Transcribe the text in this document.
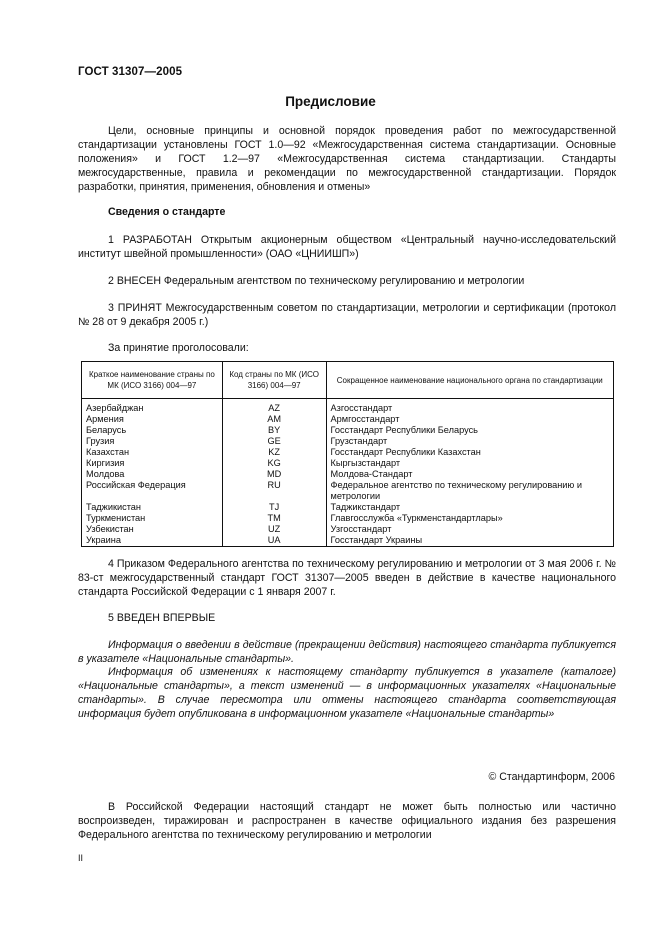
ГОСТ 31307—2005
Предисловие

Цели, основные принципы и основной порядок проведения работ по межгосударственной стандартизации установлены ГОСТ 1.0—92 «Межгосударственная система стандартизации. Основные положения» и ГОСТ 1.2—97 «Межгосударственная система стандартизации. Стандарты межгосударственные, правила и рекомендации по межгосударственной стандартизации. Порядок разработки, принятия, применения, обновления и отмены»

Сведения о стандарте

1 РАЗРАБОТАН Открытым акционерным обществом «Центральный научно-исследовательский институт швейной промышленности» (ОАО «ЦНИИШП»)

2 ВНЕСЕН Федеральным агентством по техническому регулированию и метрологии

3 ПРИНЯТ Межгосударственным советом по стандартизации, метрологии и сертификации (протокол № 28 от 9 декабря 2005 г.)

За принятие проголосовали:
Краткое наименование страны по МК (ИСО 3166) 004—97	Код страны по МК (ИСО 3166) 004—97	Сокращенное наименование национального органа по стандартизации

Азербайджан	AZ	Азгосстандарт
Армения	AM	Армгосстандарт
Беларусь	BY	Госстандарт Республики Беларусь
Грузия	GE	Грузстандарт
Казахстан	KZ	Госстандарт Республики Казахстан
Киргизия	KG	Кыргызстандарт
Молдова	MD	Молдова-Стандарт
Российская Федерация	RU	Федеральное агентство по техническому регулированию и метрологии
Таджикистан	TJ	Таджикстандарт
Туркменистан	TM	Главгосслужба «Туркменстандартлары»
Узбекистан	UZ	Узгосстандарт
Украина	UA	Госстандарт Украины

4 Приказом Федерального агентства по техническому регулированию и метрологии от 3 мая 2006 г. № 83-ст межгосударственный стандарт ГОСТ 31307—2005 введен в действие в качестве национального стандарта Российской Федерации с 1 января 2007 г.

5 ВВЕДЕН ВПЕРВЫЕ

Информация о введении в действие (прекращении действия) настоящего стандарта публикуется в указателе «Национальные стандарты».

Информация об изменениях к настоящему стандарту публикуется в указателе (каталоге) «Национальные стандарты», а текст изменений — в информационных указателях «Национальные стандарты». В случае пересмотра или отмены настоящего стандарта соответствующая информация будет опубликована в информационном указателе «Национальные стандарты»

© Стандартинформ, 2006

В Российской Федерации настоящий стандарт не может быть полностью или частично воспроизведен, тиражирован и распространен в качестве официального издания без разрешения Федерального агентства по техническому регулированию и метрологии

II
